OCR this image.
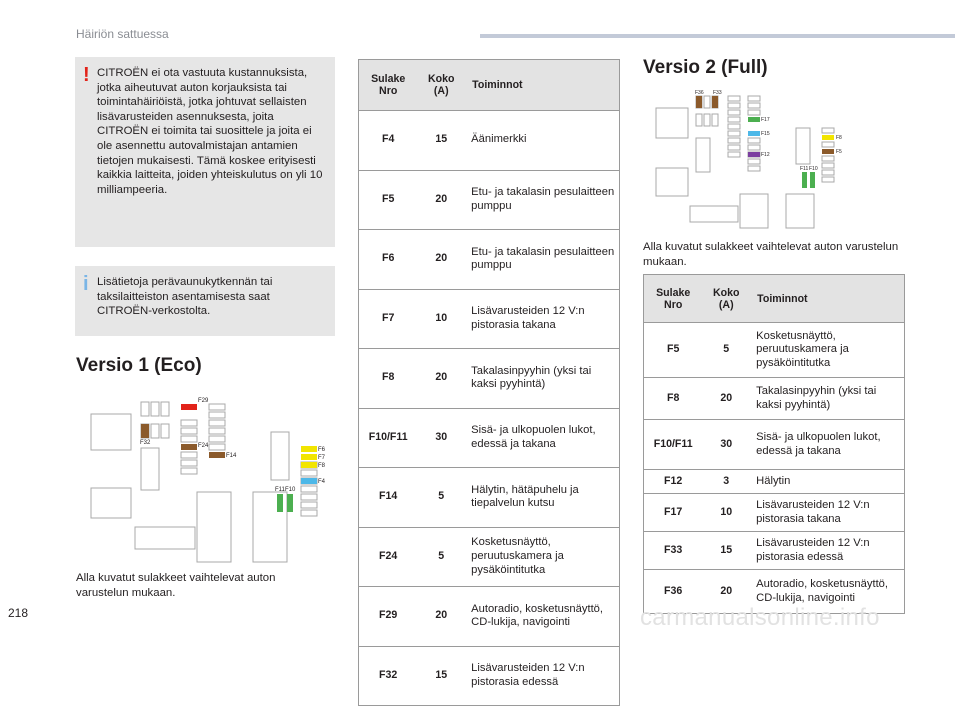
Häiriön sattuessa
! CITROËN ei ota vastuuta kustannuksista, jotka aiheutuvat auton korjauksista tai toimintahäiriöistä, jotka johtuvat sellaisten lisävarusteiden asennuksesta, joita CITROËN ei toimita tai suosittele ja joita ei ole asennettu autovalmistajan antamien tietojen mukaisesti. Tämä koskee erityisesti kaikkia laitteita, joiden yhteiskulutus on yli 10 milliampeeria.
i Lisätietoja perävaunukytkennän tai taksilaitteiston asentamisesta saat CITROËN-verkostolta.
Versio 1 (Eco)
F29
F32	F24
F14
F6
F7
F8
F4
F11 F10
Alla kuvatut sulakkeet vaihtelevat auton varustelun mukaan.
Sulake Nro	Koko (A)	Toiminnot
F4	15	Äänimerkki
F5	20	Etu- ja takalasin pesulaitteen pumppu
F6	20	Etu- ja takalasin pesulaitteen pumppu
F7	10	Lisävarusteiden 12 V:n pistorasia takana
F8	20	Takalasinpyyhin (yksi tai kaksi pyyhintä)
F10/F11	30	Sisä- ja ulkopuolen lukot, edessä ja takana
F14	5	Hälytin, hätäpuhelu ja tiepalvelun kutsu
F24	5	Kosketusnäyttö, peruutuskamera ja pysäköintitutka
F29	20	Autoradio, kosketusnäyttö, CD-lukija, navigointi
F32	15	Lisävarusteiden 12 V:n pistorasia edessä
Versio 2 (Full)
F36 F33
F17
F15
F12
F8
F5
F11 F10
Alla kuvatut sulakkeet vaihtelevat auton varustelun mukaan.
Sulake Nro	Koko (A)	Toiminnot
F5	5	Kosketusnäyttö, peruutuskamera ja pysäköintitutka
F8	20	Takalasinpyyhin (yksi tai kaksi pyyhintä)
F10/F11	30	Sisä- ja ulkopuolen lukot, edessä ja takana
F12	3	Hälytin
F17	10	Lisävarusteiden 12 V:n pistorasia takana
F33	15	Lisävarusteiden 12 V:n pistorasia edessä
F36	20	Autoradio, kosketusnäyttö, CD-lukija, navigointi
218	carmanualsonline.info
